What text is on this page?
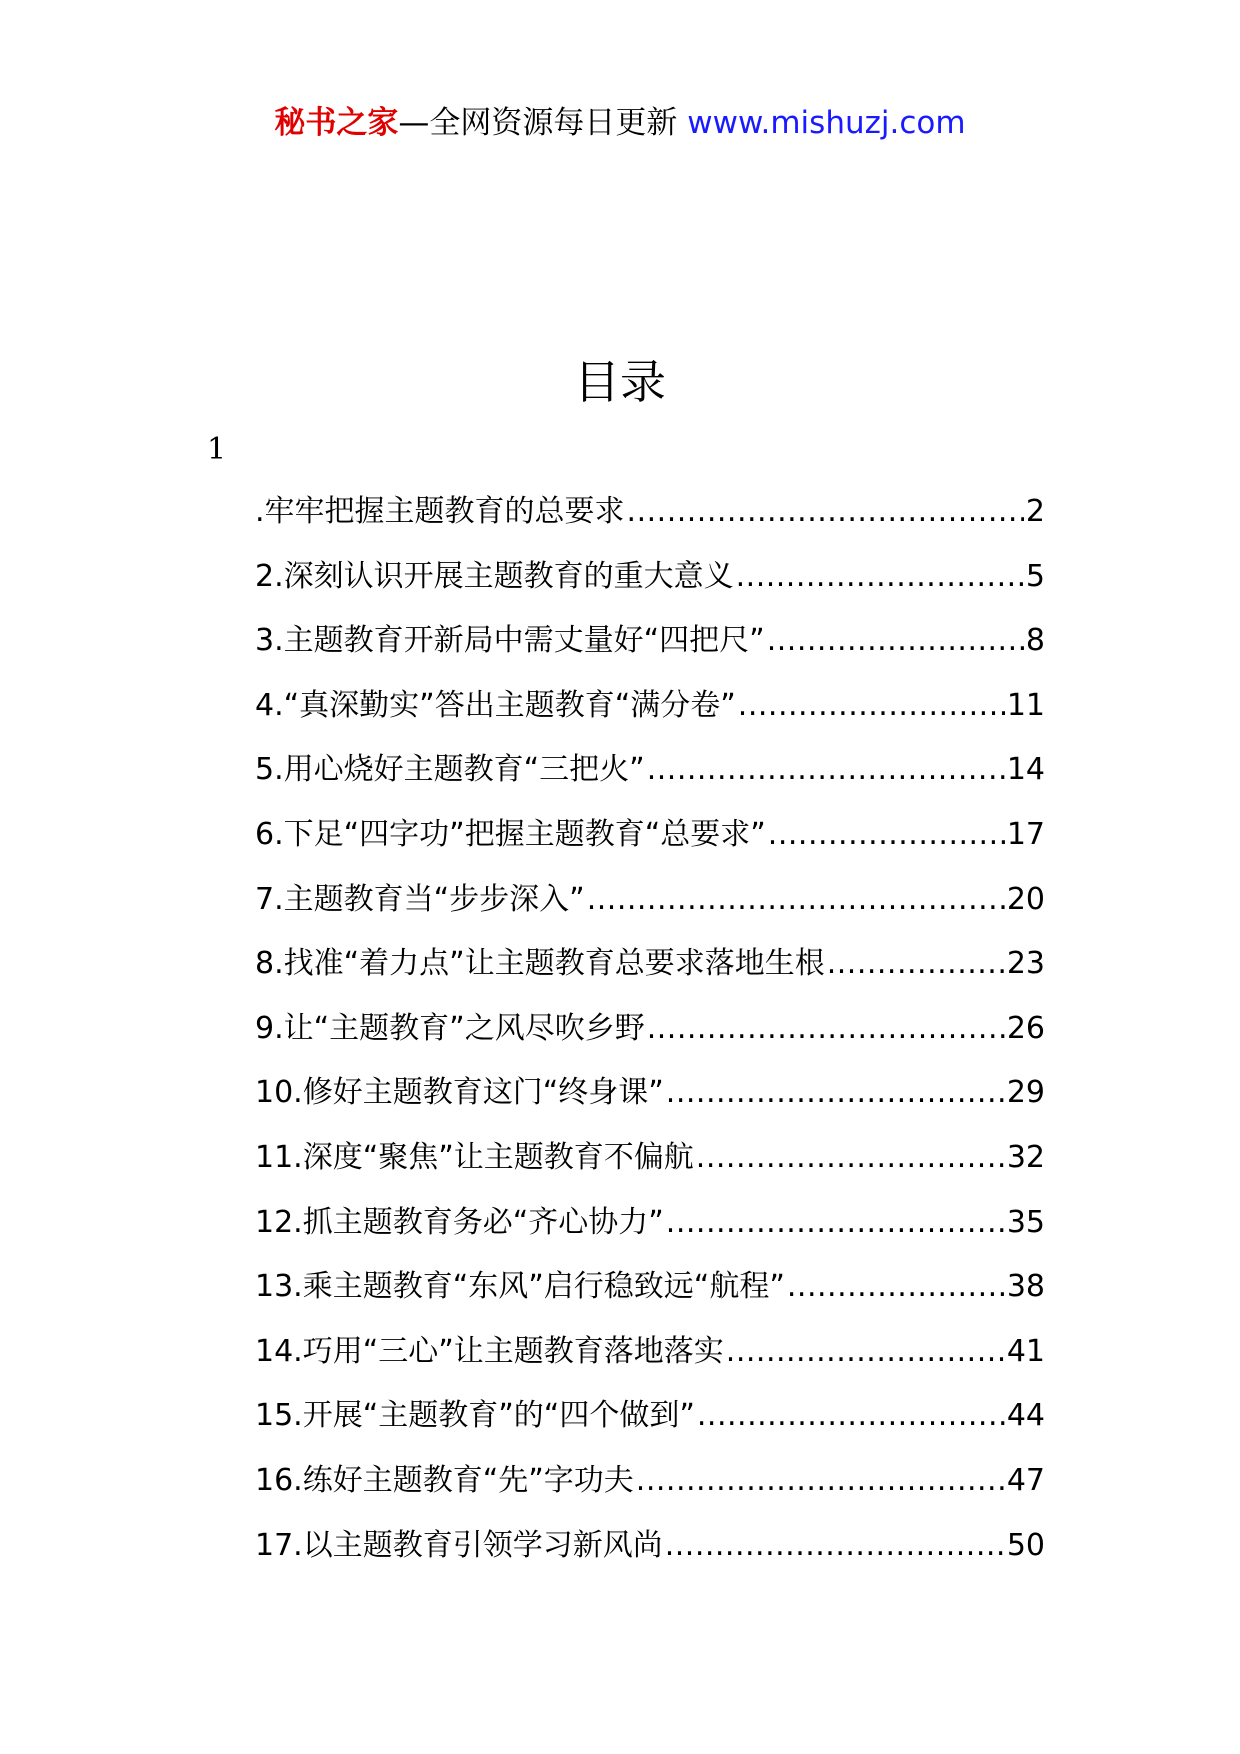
秘书之家—全网资源每日更新 www.mishuzj.com
目录
1
.牢牢把握主题教育的总要求 .....	2
2.深刻认识开展主题教育的重大意义 .....	5
3.主题教育开新局中需丈量好“四把尺” .....	8
4.“真深勤实”答出主题教育“满分卷” .....	11
5.用心烧好主题教育“三把火” .....	14
6.下足“四字功”把握主题教育“总要求” .....	17
7.主题教育当“步步深入” .....	20
8.找准“着力点”让主题教育总要求落地生根 .....	23
9.让“主题教育”之风尽吹乡野 .....	26
10.修好主题教育这门“终身课” .....	29
11.深度“聚焦”让主题教育不偏航 .....	32
12.抓主题教育务必“齐心协力” .....	35
13.乘主题教育“东风”启行稳致远“航程” .....	38
14.巧用“三心”让主题教育落地落实 .....	41
15.开展“主题教育”的“四个做到” .....	44
16.练好主题教育“先”字功夫 .....	47
17.以主题教育引领学习新风尚 .....	50
